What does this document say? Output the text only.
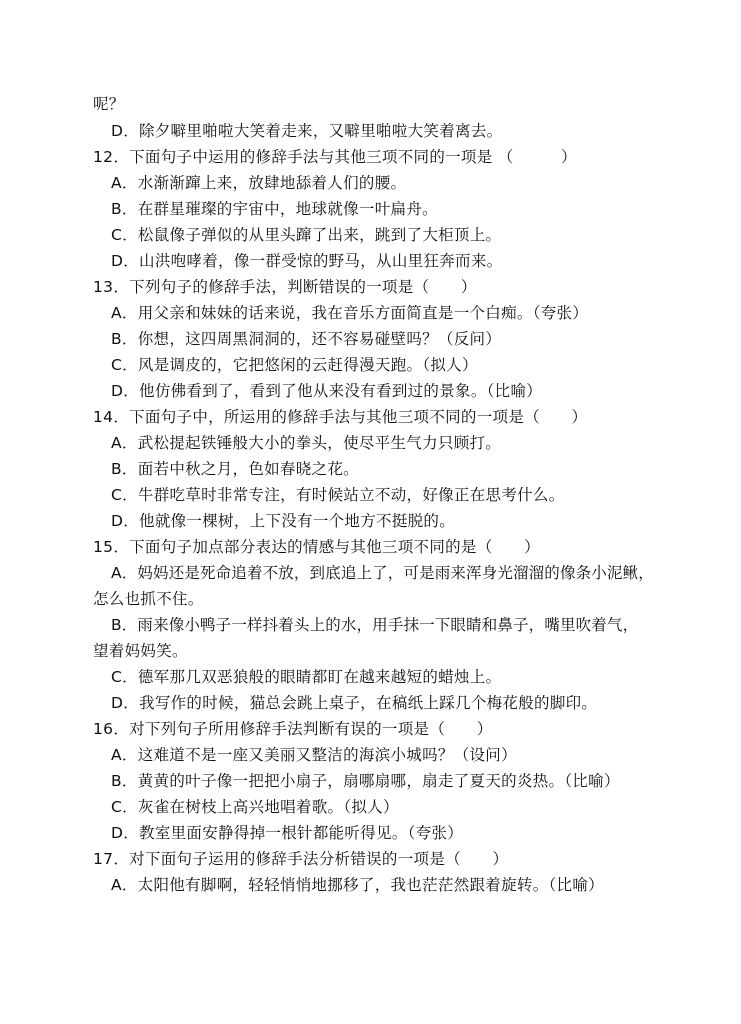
呢？
D．除夕噼里啪啦大笑着走来，又噼里啪啦大笑着离去。
12．下面句子中运用的修辞手法与其他三项不同的一项是 （　　　）
A．水渐渐蹿上来，放肆地舔着人们的腰。
B．在群星璀璨的宇宙中，地球就像一叶扁舟。
C．松鼠像子弹似的从里头蹿了出来，跳到了大柜顶上。
D．山洪咆哮着，像一群受惊的野马，从山里狂奔而来。
13．下列句子的修辞手法，判断错误的一项是（　　）
A．用父亲和妹妹的话来说，我在音乐方面简直是一个白痴。（夸张）
B．你想，这四周黑洞洞的，还不容易碰壁吗？（反问）
C．风是调皮的，它把悠闲的云赶得漫天跑。（拟人）
D．他仿佛看到了，看到了他从来没有看到过的景象。（比喻）
14．下面句子中，所运用的修辞手法与其他三项不同的一项是（　　）
A．武松提起铁锤般大小的拳头，使尽平生气力只顾打。
B．面若中秋之月，色如春晓之花。
C．牛群吃草时非常专注，有时候站立不动，好像正在思考什么。
D．他就像一棵树，上下没有一个地方不挺脱的。
15．下面句子加点部分表达的情感与其他三项不同的是（　　）
A．妈妈还是死命追着不放，到底追上了，可是雨来浑身光溜溜的像条小泥鳅，
怎么也抓不住。
B．雨来像小鸭子一样抖着头上的水，用手抹一下眼睛和鼻子，嘴里吹着气，
望着妈妈笑。
C．德军那几双恶狼般的眼睛都盯在越来越短的蜡烛上。
D．我写作的时候，猫总会跳上桌子，在稿纸上踩几个梅花般的脚印。
16．对下列句子所用修辞手法判断有误的一项是（　　）
A．这难道不是一座又美丽又整洁的海滨小城吗？（设问）
B．黄黄的叶子像一把把小扇子，扇哪扇哪，扇走了夏天的炎热。（比喻）
C．灰雀在树枝上高兴地唱着歌。（拟人）
D．教室里面安静得掉一根针都能听得见。（夸张）
17．对下面句子运用的修辞手法分析错误的一项是（　　）
A．太阳他有脚啊，轻轻悄悄地挪移了，我也茫茫然跟着旋转。（比喻）
